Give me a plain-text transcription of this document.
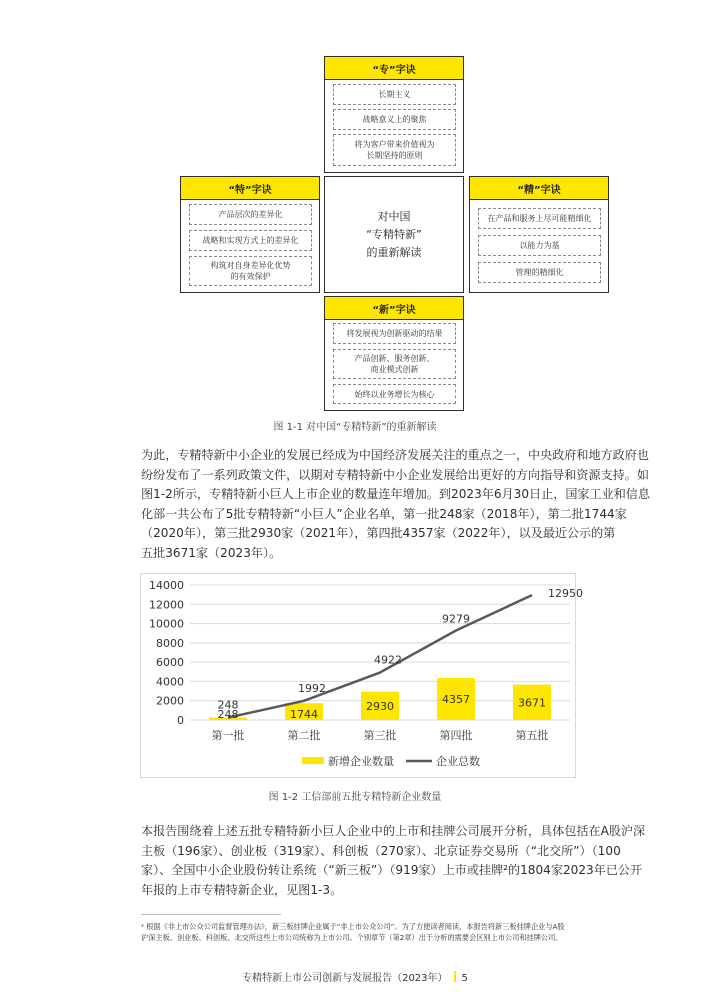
“专”字诀
长期主义
战略意义上的聚焦
将为客户带来价值视为
长期坚持的原则
“特”字诀
产品层次的差异化
战略和实现方式上的差异化
构筑对自身差异化优势
的有效保护
对中国
“专精特新”
的重新解读
“精”字诀
在产品和服务上尽可能精细化
以能力为基
管理的精细化
“新”字诀
将发展视为创新驱动的结果
产品创新、服务创新、
商业模式创新
始终以业务增长为核心
图 1-1 对中国“专精特新”的重新解读
为此，专精特新中小企业的发展已经成为中国经济发展关注的重点之一，中央政府和地方政府也
纷纷发布了一系列政策文件，以期对专精特新中小企业发展给出更好的方向指导和资源支持。如
图1-2所示，专精特新小巨人上市企业的数量连年增加。到2023年6月30日止，国家工业和信息
化部一共公布了5批专精特新“小巨人”企业名单，第一批248家（2018年），第二批1744家
（2020年），第三批2930家（2021年），第四批4357家（2022年），以及最近公示的第
五批3671家（2023年）。
0
2000
4000
6000
8000
10000
12000
14000
248	1744
2930
4357	3671
248
1992
4922
9279
12950
第一批	第二批	第三批	第四批	第五批
新增企业数量	企业总数
图 1-2 工信部前五批专精特新企业数量
本报告围绕着上述五批专精特新小巨人企业中的上市和挂牌公司展开分析，具体包括在A股沪深
主板（196家）、创业板（319家）、科创板（270家）、北京证券交易所（“北交所”）（100
家）、全国中小企业股份转让系统（“新三板”）（919家）上市或挂牌²的1804家2023年已公开
年报的上市专精特新企业，见图1-3。
² 根据《非上市公众公司监督管理办法》，新三板挂牌企业属于“非上市公众公司”。为了方便读者阅读，本报告将新三板挂牌企业与A股
沪深主板、创业板、科创板、北交所这些上市公司统称为上市公司。个别章节（第2章）出于分析的需要会区别上市公司和挂牌公司。
专精特新上市公司创新与发展报告（2023年） 5
